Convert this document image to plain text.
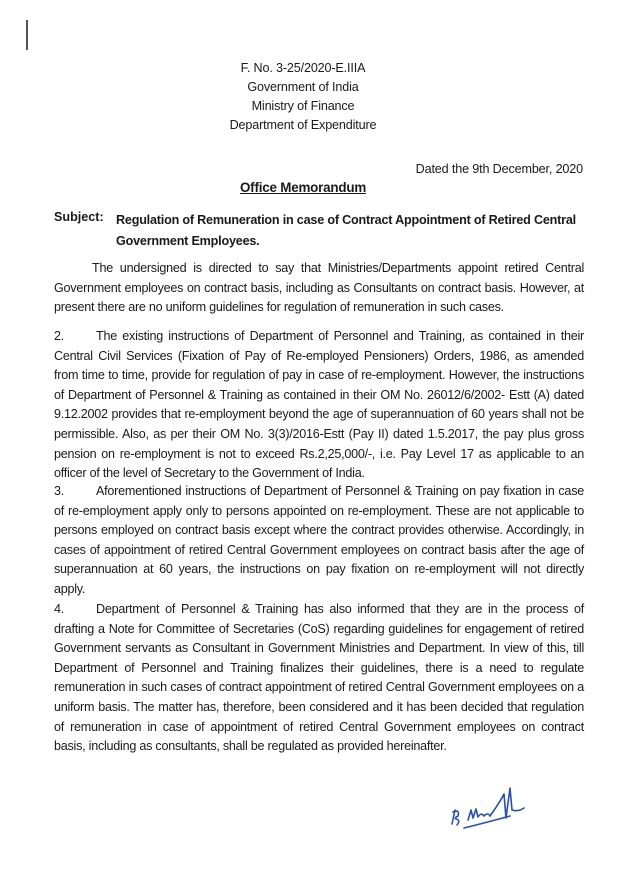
F. No. 3-25/2020-E.IIIA
Government of India
Ministry of Finance
Department of Expenditure
Dated the 9th December, 2020
Office Memorandum
Subject: Regulation of Remuneration in case of Contract Appointment of Retired Central Government Employees.
The undersigned is directed to say that Ministries/Departments appoint retired Central Government employees on contract basis, including as Consultants on contract basis. However, at present there are no uniform guidelines for regulation of remuneration in such cases.
2.	The existing instructions of Department of Personnel and Training, as contained in their Central Civil Services (Fixation of Pay of Re-employed Pensioners) Orders, 1986, as amended from time to time, provide for regulation of pay in case of re-employment. However, the instructions of Department of Personnel & Training as contained in their OM No. 26012/6/2002- Estt (A) dated 9.12.2002 provides that re-employment beyond the age of superannuation of 60 years shall not be permissible. Also, as per their OM No. 3(3)/2016-Estt (Pay II) dated 1.5.2017, the pay plus gross pension on re-employment is not to exceed Rs.2,25,000/-, i.e. Pay Level 17 as applicable to an officer of the level of Secretary to the Government of India.
3.	Aforementioned instructions of Department of Personnel & Training on pay fixation in case of re-employment apply only to persons appointed on re-employment. These are not applicable to persons employed on contract basis except where the contract provides otherwise. Accordingly, in cases of appointment of retired Central Government employees on contract basis after the age of superannuation at 60 years, the instructions on pay fixation on re-employment will not directly apply.
4.	Department of Personnel & Training has also informed that they are in the process of drafting a Note for Committee of Secretaries (CoS) regarding guidelines for engagement of retired Government servants as Consultant in Government Ministries and Department. In view of this, till Department of Personnel and Training finalizes their guidelines, there is a need to regulate remuneration in such cases of contract appointment of retired Central Government employees on a uniform basis. The matter has, therefore, been considered and it has been decided that regulation of remuneration in case of appointment of retired Central Government employees on contract basis, including as consultants, shall be regulated as provided hereinafter.
